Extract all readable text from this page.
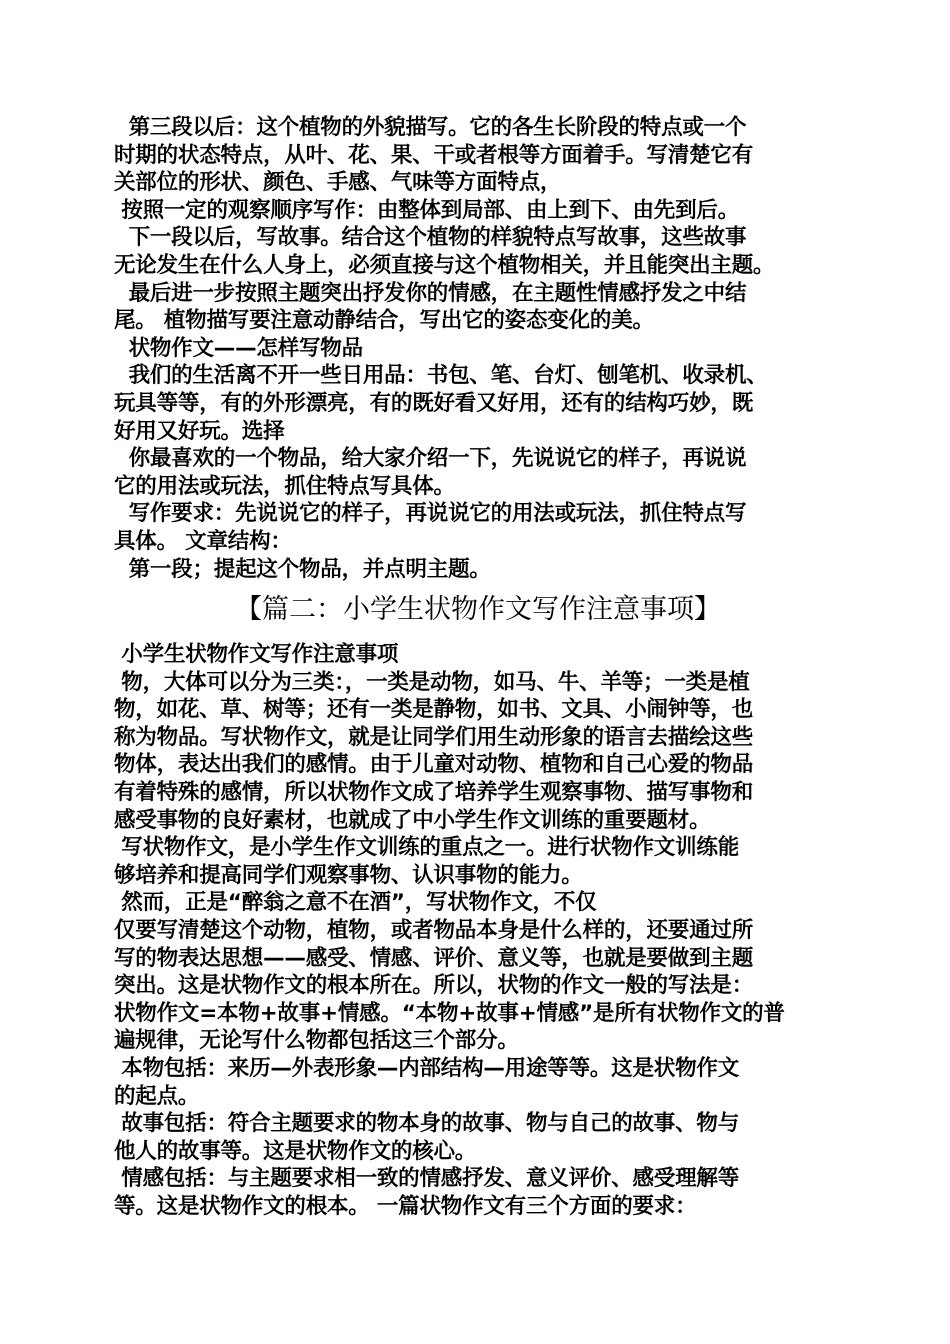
第三段以后：这个植物的外貌描写。它的各生长阶段的特点或一个
时期的状态特点，从叶、花、果、干或者根等方面着手。写清楚它有
关部位的形状、颜色、手感、气味等方面特点，
按照一定的观察顺序写作：由整体到局部、由上到下、由先到后。
下一段以后，写故事。结合这个植物的样貌特点写故事，这些故事
无论发生在什么人身上，必须直接与这个植物相关，并且能突出主题。
最后进一步按照主题突出抒发你的情感，在主题性情感抒发之中结
尾。 植物描写要注意动静结合，写出它的姿态变化的美。
状物作文——怎样写物品
我们的生活离不开一些日用品：书包、笔、台灯、刨笔机、收录机、
玩具等等，有的外形漂亮，有的既好看又好用，还有的结构巧妙，既
好用又好玩。选择
你最喜欢的一个物品，给大家介绍一下，先说说它的样子，再说说
它的用法或玩法，抓住特点写具体。
写作要求：先说说它的样子，再说说它的用法或玩法，抓住特点写
具体。 文章结构：
第一段；提起这个物品，并点明主题。
【篇二：小学生状物作文写作注意事项】
小学生状物作文写作注意事项
物，大体可以分为三类：，一类是动物，如马、牛、羊等；一类是植
物，如花、草、树等；还有一类是静物，如书、文具、小闹钟等，也
称为物品。写状物作文，就是让同学们用生动形象的语言去描绘这些
物体，表达出我们的感情。由于儿童对动物、植物和自己心爱的物品
有着特殊的感情，所以状物作文成了培养学生观察事物、描写事物和
感受事物的良好素材，也就成了中小学生作文训练的重要题材。
写状物作文，是小学生作文训练的重点之一。进行状物作文训练能
够培养和提高同学们观察事物、认识事物的能力。
然而，正是“醉翁之意不在酒”，写状物作文，不仅
仅要写清楚这个动物，植物，或者物品本身是什么样的，还要通过所
写的物表达思想——感受、情感、评价、意义等，也就是要做到主题
突出。这是状物作文的根本所在。所以，状物的作文一般的写法是：
状物作文=本物+故事+情感。“本物+故事+情感”是所有状物作文的普
遍规律，无论写什么物都包括这三个部分。
本物包括：来历—外表形象—内部结构—用途等等。这是状物作文
的起点。
故事包括：符合主题要求的物本身的故事、物与自己的故事、物与
他人的故事等。这是状物作文的核心。
情感包括：与主题要求相一致的情感抒发、意义评价、感受理解等
等。这是状物作文的根本。 一篇状物作文有三个方面的要求：
